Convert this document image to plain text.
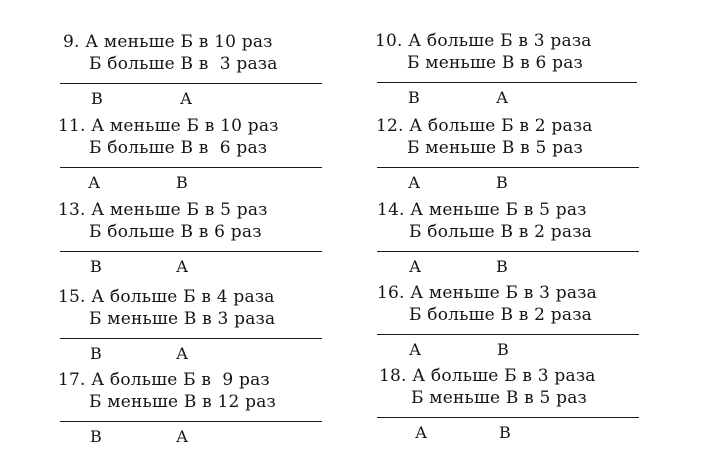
9. А меньше Б в 10 раз
Б больше В в  3 раза
В	А
10. А больше Б в 3 раза
Б меньше В в 6 раз
В	А
11. А меньше Б в 10 раз
Б больше В в  6 раз
А	В
12. А больше Б в 2 раза
Б меньше В в 5 раз
А	В
13. А меньше Б в 5 раз
Б больше В в 6 раз
В	А
14. А меньше Б в 5 раз
Б больше В в 2 раза
А	В
15. А больше Б в 4 раза
Б меньше В в 3 раза
В	А
16. А меньше Б в 3 раза
Б больше В в 2 раза
А	В
17. А больше Б в  9 раз
Б меньше В в 12 раз
В	А
18. А больше Б в 3 раза
Б меньше В в 5 раз
А	В
